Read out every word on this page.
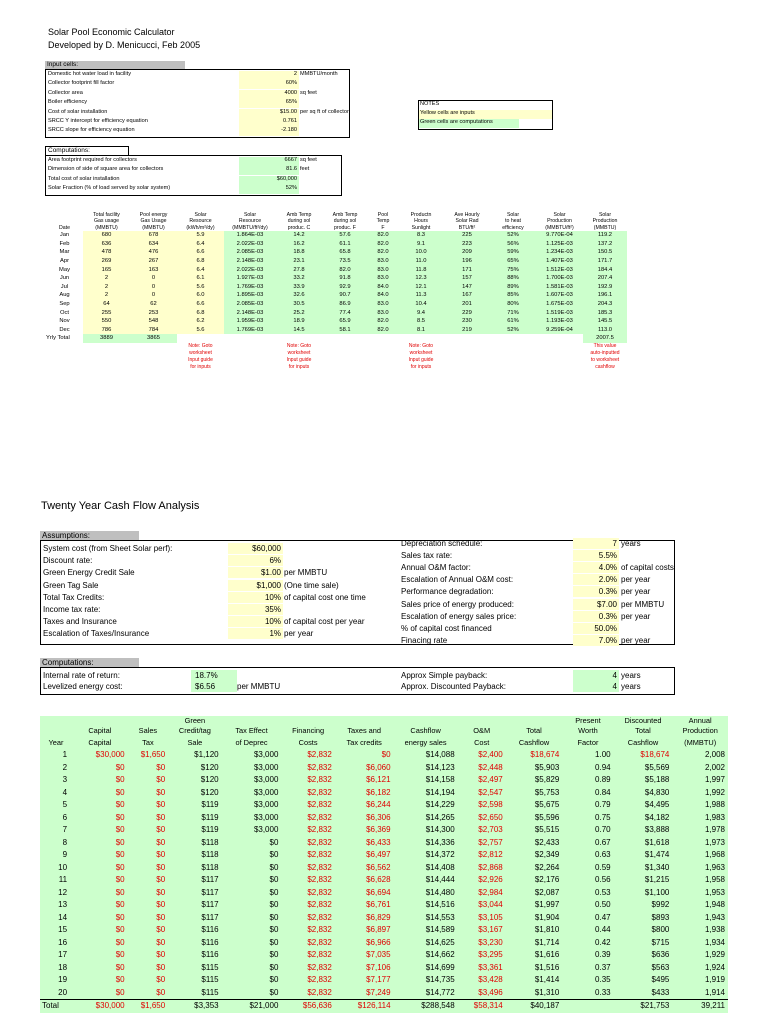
Solar Pool Economic Calculator
Developed by D. Menicucci, Feb 2005
Input cells:
Domestic hot water load in facility	2 MMBTU/month
Collector footprint fill factor	60%
Collector area	4000 sq feet
Boiler efficiency	65%
Cost of solar installation	$15.00 per sq ft of collector
SRCC Y intercept for efficiency equation	0.761
SRCC slope for efficiency equation	-2.180
NOTES
Yellow cells are inputs
Green cells are computations
Computations:
Area footprint required for collectors	6667 sq feet
Dimension of side of square area for collectors	81.6 feet
Total cost of solar installation	$60,000
Solar Fraction (% of load served by solar system)	52%
	Total facility	Pool energy	Solar	Solar	Amb Temp	Amb Temp	Pool	Productn	Ave Hourly	Solar	Solar	Solar
	Gas usage	Gas Usage	Resource	Resource	during sol	during sol	Temp	Hours	Solar Rad	to heat	Production	Production
Date	(MMBTU)	(MMBTU)	(kWh/m²/dy)	(MMBTU/ft²/dy)	produc. C	produc. F	F	Sunlight	BTU/ft²	efficiency	(MMBTU/ft²)	(MMBTU)
Jan	680	678	5.9	1.864E-03	14.2	57.6	82.0	8.3	225	52%	9.770E-04	119.2
Feb	636	634	6.4	2.022E-03	16.2	61.1	82.0	9.1	223	56%	1.125E-03	137.2
Mar	478	476	6.6	2.085E-03	18.8	65.8	82.0	10.0	209	59%	1.234E-03	150.5
Apr	269	267	6.8	2.148E-03	23.1	73.5	83.0	11.0	196	65%	1.407E-03	171.7
May	165	163	6.4	2.022E-03	27.8	82.0	83.0	11.8	171	75%	1.512E-03	184.4
Jun	2	0	6.1	1.927E-03	33.2	91.8	83.0	12.3	157	88%	1.700E-03	207.4
Jul	2	0	5.6	1.769E-03	33.9	92.9	84.0	12.1	147	89%	1.581E-03	192.9
Aug	2	0	6.0	1.895E-03	32.6	90.7	84.0	11.3	167	85%	1.607E-03	196.1
Sep	64	62	6.6	2.085E-03	30.5	86.9	83.0	10.4	201	80%	1.675E-03	204.3
Oct	255	253	6.8	2.148E-03	25.2	77.4	83.0	9.4	229	71%	1.519E-03	185.3
Nov	550	548	6.2	1.959E-03	18.9	65.9	82.0	8.5	230	61%	1.193E-03	145.5
Dec	786	784	5.6	1.769E-03	14.5	58.1	82.0	8.1	219	52%	9.259E-04	113.0
Yrly Total	3889	3865										2007.5
			Note: Goto		Note: Goto			Note: Goto				This value
			worksheet		worksheet			worksheet				auto-inputted
			Input guide		Input guide			Input guide				to worksheet
			for inputs		for inputs			for inputs				cashflow
Twenty Year Cash Flow Analysis
Assumptions:
System cost (from Sheet Solar perf):	$60,000
Discount rate:	6%
Green Energy Credit Sale	$1.00 per MMBTU
Green Tag Sale	$1,000 (One time sale)
Total Tax Credits:	10% of capital cost one time
Income tax rate:	35%
Taxes and Insurance	10% of capital cost per year
Escalation of Taxes/Insurance	1% per year
Depreciation schedule:	7 years
Sales tax rate:	5.5%
Annual O&M factor:	4.0% of capital costs
Escalation of Annual O&M cost:	2.0% per year
Performance degradation:	0.3% per year
Sales price of energy produced:	$7.00 per MMBTU
Escalation of energy sales price:	0.3% per year
% of capital cost financed	50.0%
Finacing rate	7.0% per year
Computations:
Internal rate of return:	18.7%
Levelized energy cost:	$6.56	per MMBTU
Approx Simple payback:	4 years
Approx. Discounted Payback:	4 years
			Green							Present	Discounted	Annual
	Capital	Sales	Credit/tag	Tax Effect	Financing	Taxes and	Cashflow	O&M	Total	Worth	Total	Production
Year	Capital	Tax	Sale	of Deprec	Costs	Tax credits	energy sales	Cost	Cashflow	Factor	Cashflow	(MMBTU)
1	$30,000	$1,650	$1,120	$3,000	$2,832	$0	$14,088	$2,400	$18,674	1.00	$18,674	2,008
2	$0	$0	$120	$3,000	$2,832	$6,060	$14,123	$2,448	$5,903	0.94	$5,569	2,002
3	$0	$0	$120	$3,000	$2,832	$6,121	$14,158	$2,497	$5,829	0.89	$5,188	1,997
4	$0	$0	$120	$3,000	$2,832	$6,182	$14,194	$2,547	$5,753	0.84	$4,830	1,992
5	$0	$0	$119	$3,000	$2,832	$6,244	$14,229	$2,598	$5,675	0.79	$4,495	1,988
6	$0	$0	$119	$3,000	$2,832	$6,306	$14,265	$2,650	$5,596	0.75	$4,182	1,983
7	$0	$0	$119	$3,000	$2,832	$6,369	$14,300	$2,703	$5,515	0.70	$3,888	1,978
8	$0	$0	$118	$0	$2,832	$6,433	$14,336	$2,757	$2,433	0.67	$1,618	1,973
9	$0	$0	$118	$0	$2,832	$6,497	$14,372	$2,812	$2,349	0.63	$1,474	1,968
10	$0	$0	$118	$0	$2,832	$6,562	$14,408	$2,868	$2,264	0.59	$1,340	1,963
11	$0	$0	$117	$0	$2,832	$6,628	$14,444	$2,926	$2,176	0.56	$1,215	1,958
12	$0	$0	$117	$0	$2,832	$6,694	$14,480	$2,984	$2,087	0.53	$1,100	1,953
13	$0	$0	$117	$0	$2,832	$6,761	$14,516	$3,044	$1,997	0.50	$992	1,948
14	$0	$0	$117	$0	$2,832	$6,829	$14,553	$3,105	$1,904	0.47	$893	1,943
15	$0	$0	$116	$0	$2,832	$6,897	$14,589	$3,167	$1,810	0.44	$800	1,938
16	$0	$0	$116	$0	$2,832	$6,966	$14,625	$3,230	$1,714	0.42	$715	1,934
17	$0	$0	$116	$0	$2,832	$7,035	$14,662	$3,295	$1,616	0.39	$636	1,929
18	$0	$0	$115	$0	$2,832	$7,106	$14,699	$3,361	$1,516	0.37	$563	1,924
19	$0	$0	$115	$0	$2,832	$7,177	$14,735	$3,428	$1,414	0.35	$495	1,919
20	$0	$0	$115	$0	$2,832	$7,249	$14,772	$3,496	$1,310	0.33	$433	1,914
Total	$30,000	$1,650	$3,353	$21,000	$56,636	$126,114	$288,548	$58,314	$40,187		$21,753	39,211
